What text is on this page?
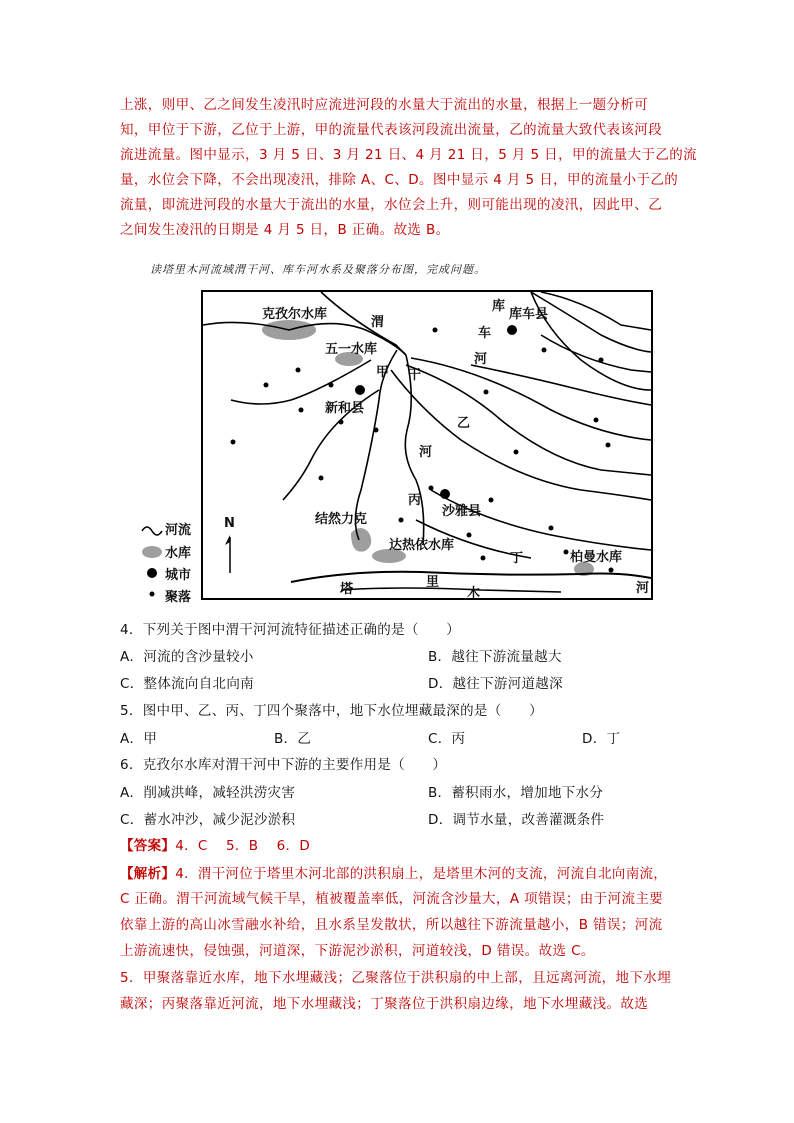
上涨，则甲、乙之间发生凌汛时应流进河段的水量大于流出的水量，根据上一题分析可
知，甲位于下游，乙位于上游，甲的流量代表该河段流出流量，乙的流量大致代表该河段
流进流量。图中显示，3 月 5 日、3 月 21 日、4 月 21 日，5 月 5 日，甲的流量大于乙的流
量，水位会下降，不会出现凌汛，排除 A、C、D。图中显示 4 月 5 日，甲的流量小于乙的
流量，即流进河段的水量大于流出的水量，水位会上升，则可能出现的凌汛，因此甲、乙
之间发生凌汛的日期是 4 月 5 日，B 正确。故选 B。
读塔里木河流域渭干河、库车河水系及聚落分布图，完成问题。
克孜尔水库
渭
五一水库
甲
新和县
干
河
乙
丙
沙雅县
结然力克
达热依水库
丁	柏曼水库
塔	里
木	河
库
车
河
库车县
河流
水库
城市
聚落
N
4．下列关于图中渭干河河流特征描述正确的是（　　）
A．河流的含沙量较小	B．越往下游流量越大
C．整体流向自北向南	D．越往下游河道越深
5．图中甲、乙、丙、丁四个聚落中，地下水位埋藏最深的是（　　）
A．甲	B．乙	C．丙	D．丁
6．克孜尔水库对渭干河中下游的主要作用是（　　）
A．削减洪峰，减轻洪涝灾害	B．蓄积雨水，增加地下水分
C．蓄水冲沙，减少泥沙淤积	D．调节水量，改善灌溉条件
【答案】4．C　 5．B　 6．D
【解析】4．渭干河位于塔里木河北部的洪积扇上，是塔里木河的支流，河流自北向南流，
C 正确。渭干河流域气候干旱，植被覆盖率低，河流含沙量大，A 项错误；由于河流主要
依靠上游的高山冰雪融水补给，且水系呈发散状，所以越往下游流量越小，B 错误；河流
上游流速快，侵蚀强，河道深，下游泥沙淤积，河道较浅，D 错误。故选 C。
5．甲聚落靠近水库，地下水埋藏浅；乙聚落位于洪积扇的中上部，且远离河流，地下水埋
藏深；丙聚落靠近河流，地下水埋藏浅；丁聚落位于洪积扇边缘，地下水埋藏浅。故选
